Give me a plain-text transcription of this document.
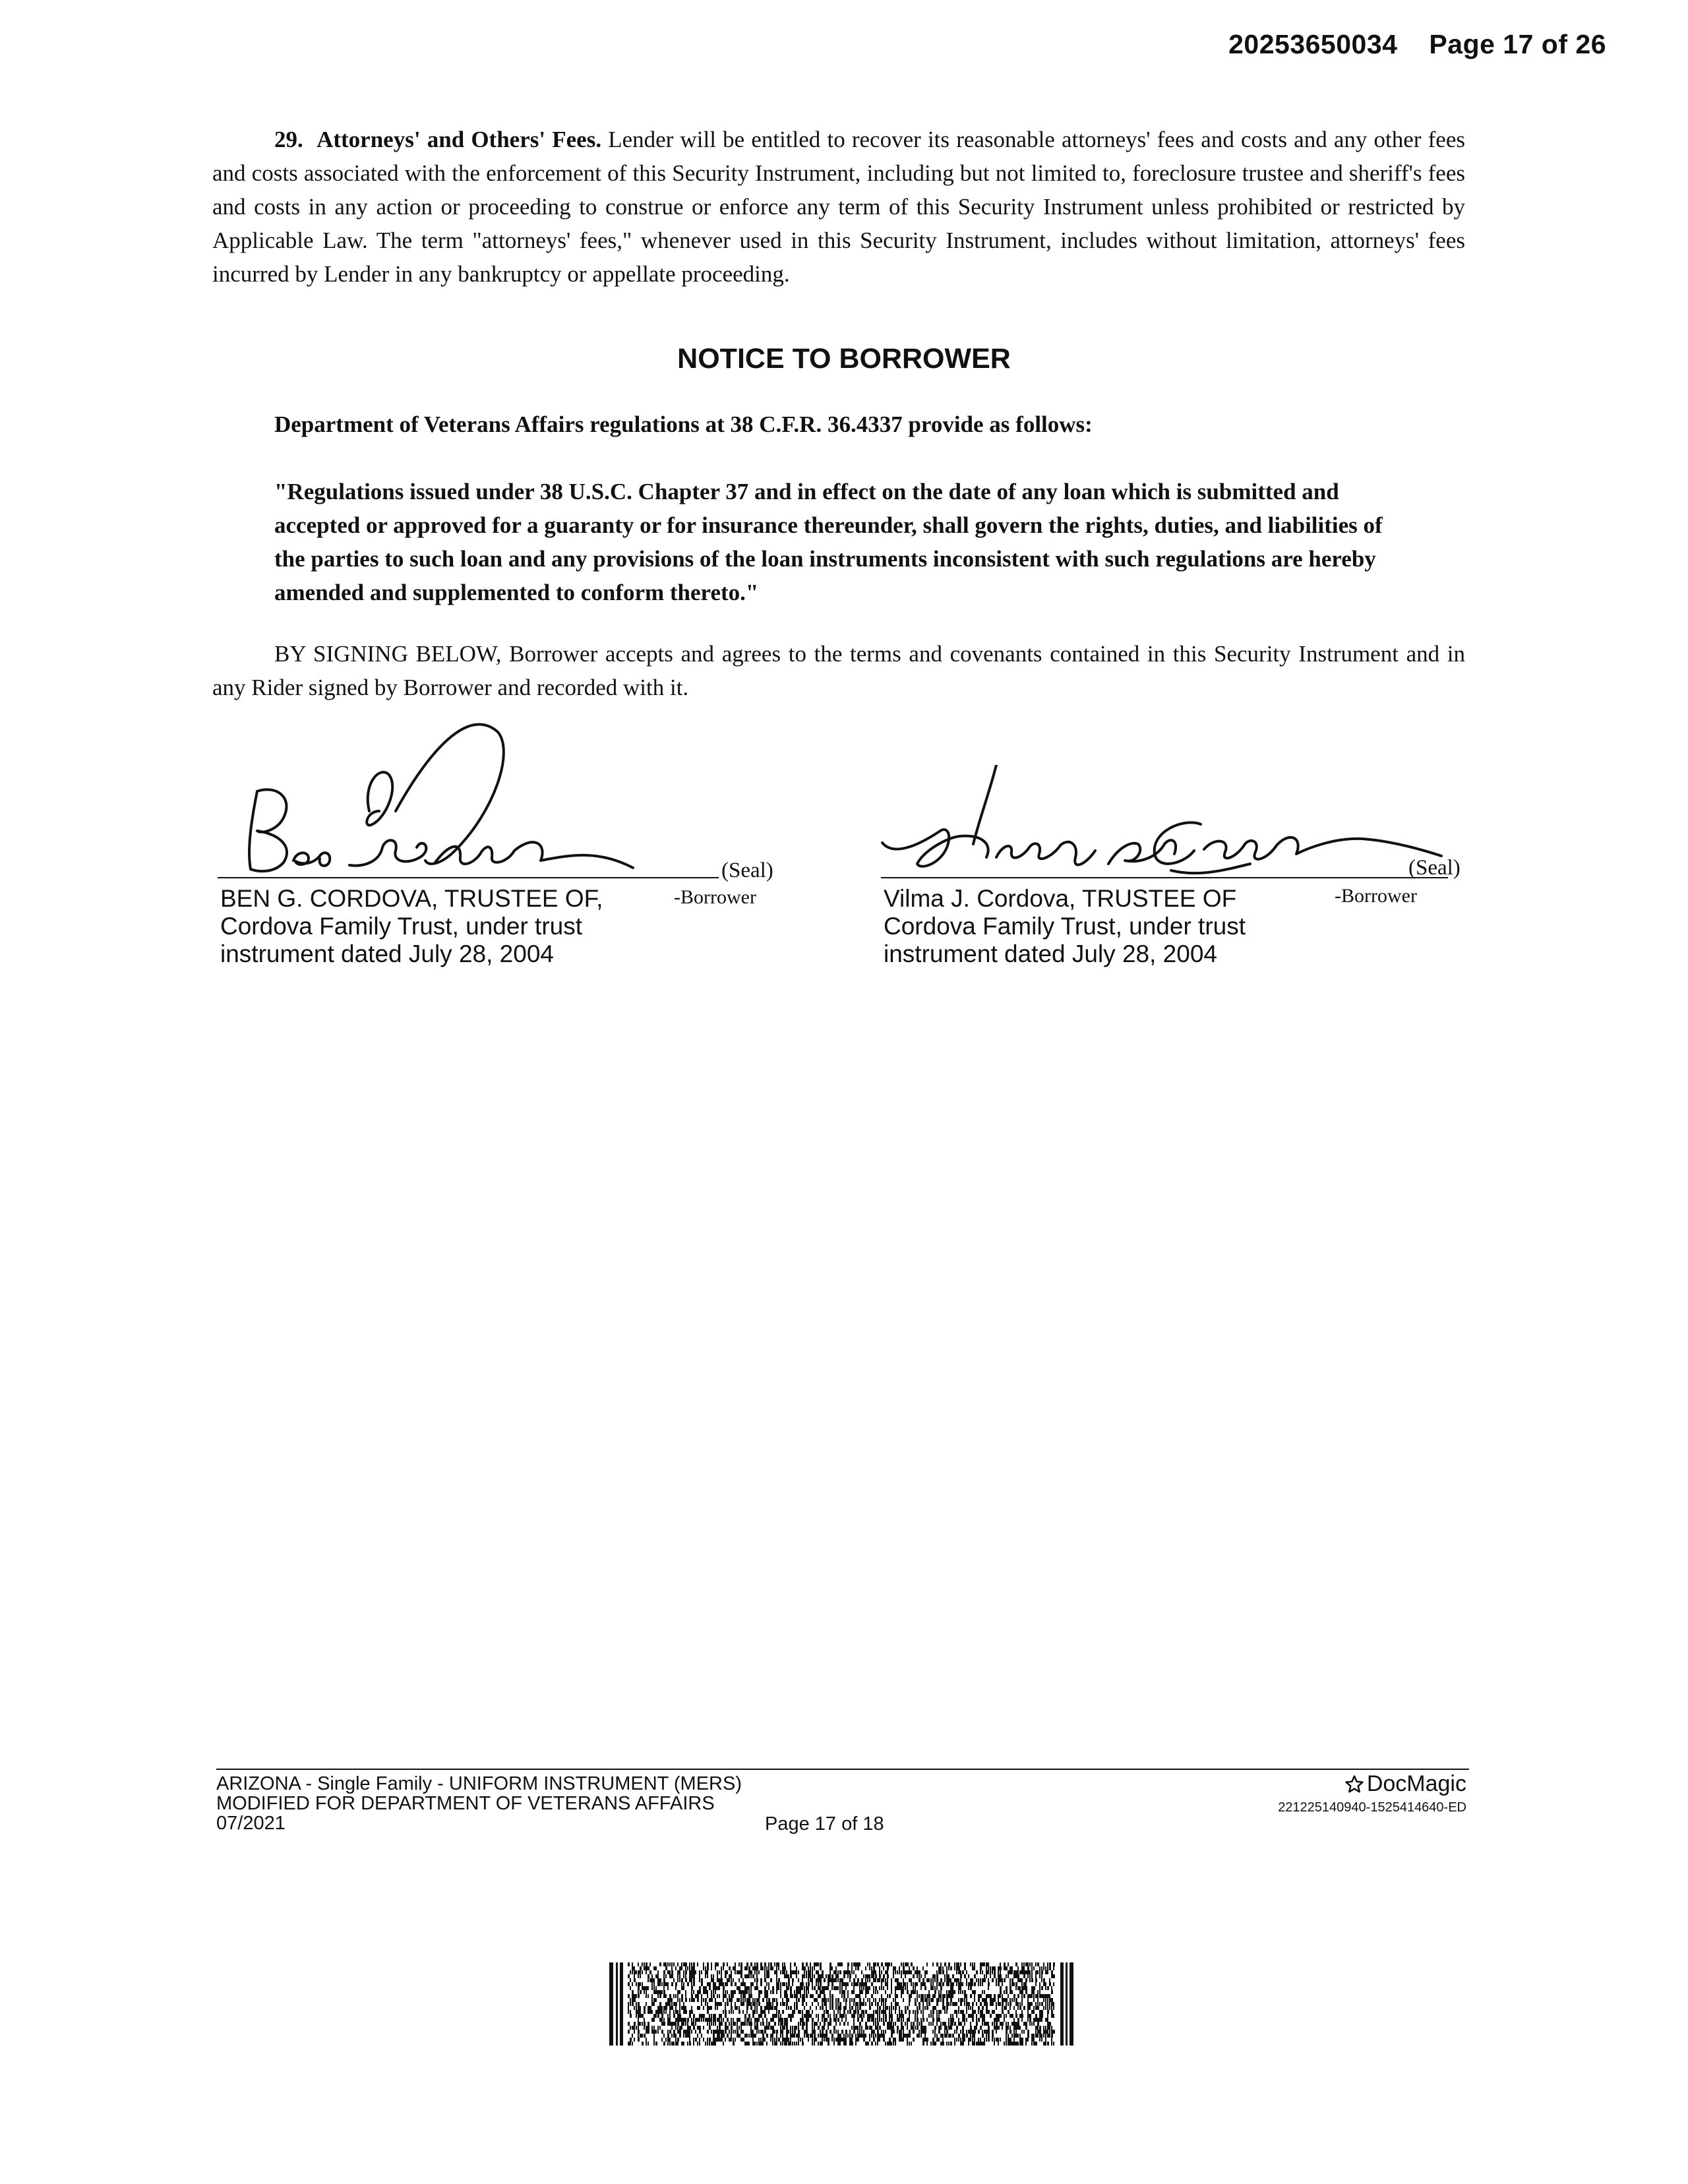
20253650034 Page 17 of 26
29. Attorneys' and Others' Fees. Lender will be entitled to recover its reasonable attorneys' fees and costs and any other fees and costs associated with the enforcement of this Security Instrument, including but not limited to, foreclosure trustee and sheriff's fees and costs in any action or proceeding to construe or enforce any term of this Security Instrument unless prohibited or restricted by Applicable Law. The term "attorneys' fees," whenever used in this Security Instrument, includes without limitation, attorneys' fees incurred by Lender in any bankruptcy or appellate proceeding.
NOTICE TO BORROWER
Department of Veterans Affairs regulations at 38 C.F.R. 36.4337 provide as follows:
"Regulations issued under 38 U.S.C. Chapter 37 and in effect on the date of any loan which is submitted and accepted or approved for a guaranty or for insurance thereunder, shall govern the rights, duties, and liabilities of the parties to such loan and any provisions of the loan instruments inconsistent with such regulations are hereby amended and supplemented to conform thereto."
BY SIGNING BELOW, Borrower accepts and agrees to the terms and covenants contained in this Security Instrument and in any Rider signed by Borrower and recorded with it.
(Seal)
-Borrower
BEN G. CORDOVA, TRUSTEE OF,
Cordova Family Trust, under trust
instrument dated July 28, 2004
(Seal)
-Borrower
Vilma J. Cordova, TRUSTEE OF
Cordova Family Trust, under trust
instrument dated July 28, 2004
ARIZONA - Single Family - UNIFORM INSTRUMENT (MERS)
MODIFIED FOR DEPARTMENT OF VETERANS AFFAIRS
07/2021	Page 17 of 18
DocMagic
221225140940-1525414640-ED
